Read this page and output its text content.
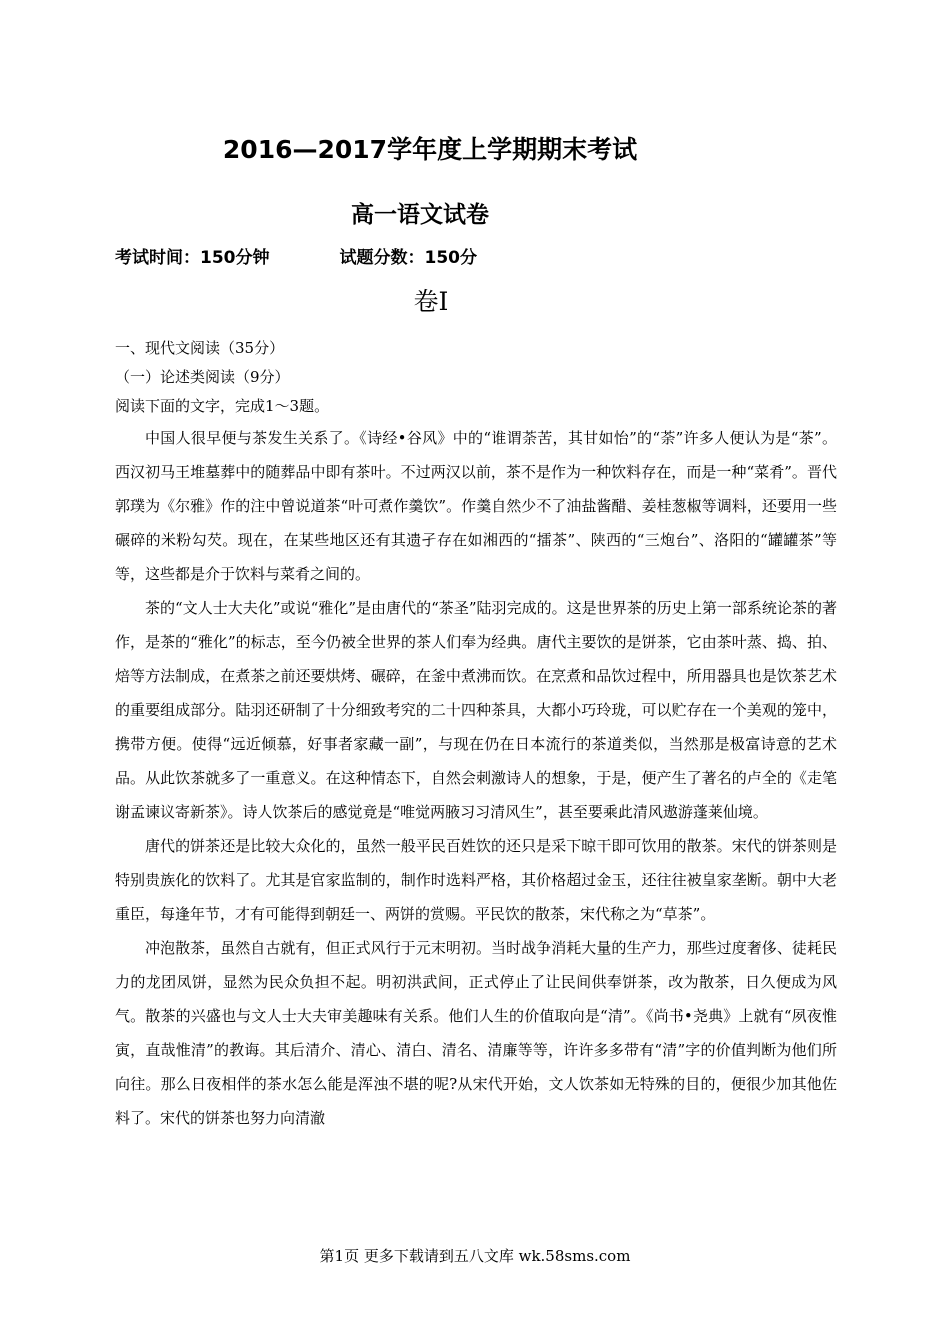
2016—2017学年度上学期期末考试
高一语文试卷
考试时间：150分钟	试题分数：150分
卷Ⅰ
一、现代文阅读（35分）
（一）论述类阅读（9分）
阅读下面的文字，完成1～3题。

中国人很早便与茶发生关系了。《诗经•谷风》中的“谁谓荼苦，其甘如怡”的“荼”许多人便认为是“茶”。西汉初马王堆墓葬中的随葬品中即有茶叶。不过两汉以前，茶不是作为一种饮料存在，而是一种“菜肴”。晋代郭璞为《尔雅》作的注中曾说道茶“叶可煮作羹饮”。作羹自然少不了油盐酱醋、姜桂葱椒等调料，还要用一些碾碎的米粉勾芡。现在，在某些地区还有其遗孑存在如湘西的“擂茶”、陕西的“三炮台”、洛阳的“罐罐茶”等等，这些都是介于饮料与菜肴之间的。

茶的“文人士大夫化”或说“雅化”是由唐代的“茶圣”陆羽完成的。这是世界茶的历史上第一部系统论茶的著作，是茶的“雅化”的标志，至今仍被全世界的茶人们奉为经典。唐代主要饮的是饼茶，它由茶叶蒸、捣、拍、焙等方法制成，在煮茶之前还要烘烤、碾碎，在釜中煮沸而饮。在烹煮和品饮过程中，所用器具也是饮茶艺术的重要组成部分。陆羽还研制了十分细致考究的二十四种茶具，大都小巧玲珑，可以贮存在一个美观的笼中，携带方便。使得“远近倾慕，好事者家藏一副”，与现在仍在日本流行的茶道类似，当然那是极富诗意的艺术品。从此饮茶就多了一重意义。在这种情态下，自然会刺激诗人的想象，于是，便产生了著名的卢全的《走笔谢孟谏议寄新茶》。诗人饮茶后的感觉竟是“唯觉两腋习习清风生”，甚至要乘此清风遨游蓬莱仙境。

唐代的饼茶还是比较大众化的，虽然一般平民百姓饮的还只是采下晾干即可饮用的散茶。宋代的饼茶则是特别贵族化的饮料了。尤其是官家监制的，制作时选料严格，其价格超过金玉，还往往被皇家垄断。朝中大老重臣，每逢年节，才有可能得到朝廷一、两饼的赏赐。平民饮的散茶，宋代称之为“草茶”。

冲泡散茶，虽然自古就有，但正式风行于元末明初。当时战争消耗大量的生产力，那些过度奢侈、徒耗民力的龙团凤饼，显然为民众负担不起。明初洪武间，正式停止了让民间供奉饼茶，改为散茶，日久便成为风气。散茶的兴盛也与文人士大夫审美趣味有关系。他们人生的价值取向是“清”。《尚书•尧典》上就有“夙夜惟寅，直哉惟清”的教诲。其后清介、清心、清白、清名、清廉等等，许许多多带有“清”字的价值判断为他们所向往。那么日夜相伴的茶水怎么能是浑浊不堪的呢?从宋代开始，文人饮茶如无特殊的目的，便很少加其他佐料了。宋代的饼茶也努力向清澈

第1页 更多下载请到五八文库 wk.58sms.com
